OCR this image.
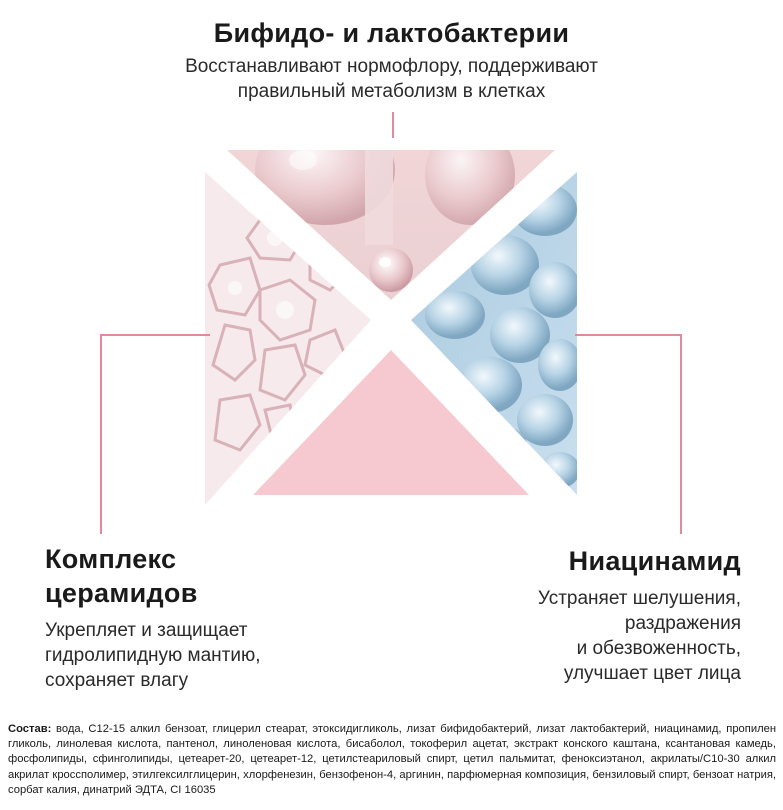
Бифидо- и лактобактерии
Восстанавливают нормофлору, поддерживают
правильный метаболизм в клетках
Комплекс
церамидов
Укрепляет и защищает
гидролипидную мантию,
сохраняет влагу
Ниацинамид
Устраняет шелушения,
раздражения
и обезвоженность,
улучшает цвет лица
Состав: вода, С12-15 алкил бензоат, глицерил стеарат, этоксидигликоль, лизат бифидобактерий, лизат лактобактерий, ниацинамид, пропилен гликоль, линолевая кислота, пантенол, линоленовая кислота, бисаболол, токоферил ацетат, экстракт конского каштана, ксантановая камедь, фосфолипиды, сфинголипиды, цетеарет-20, цетеарет-12, цетилстеариловый спирт, цетил пальмитат, феноксиэтанол, акрилаты/С10-30 алкил акрилат кроссполимер, этилгексилглицерин, хлорфенезин, бензофенон-4, аргинин, парфюмерная композиция, бензиловый спирт, бензоат натрия, сорбат калия, динатрий ЭДТА, CI 16035
